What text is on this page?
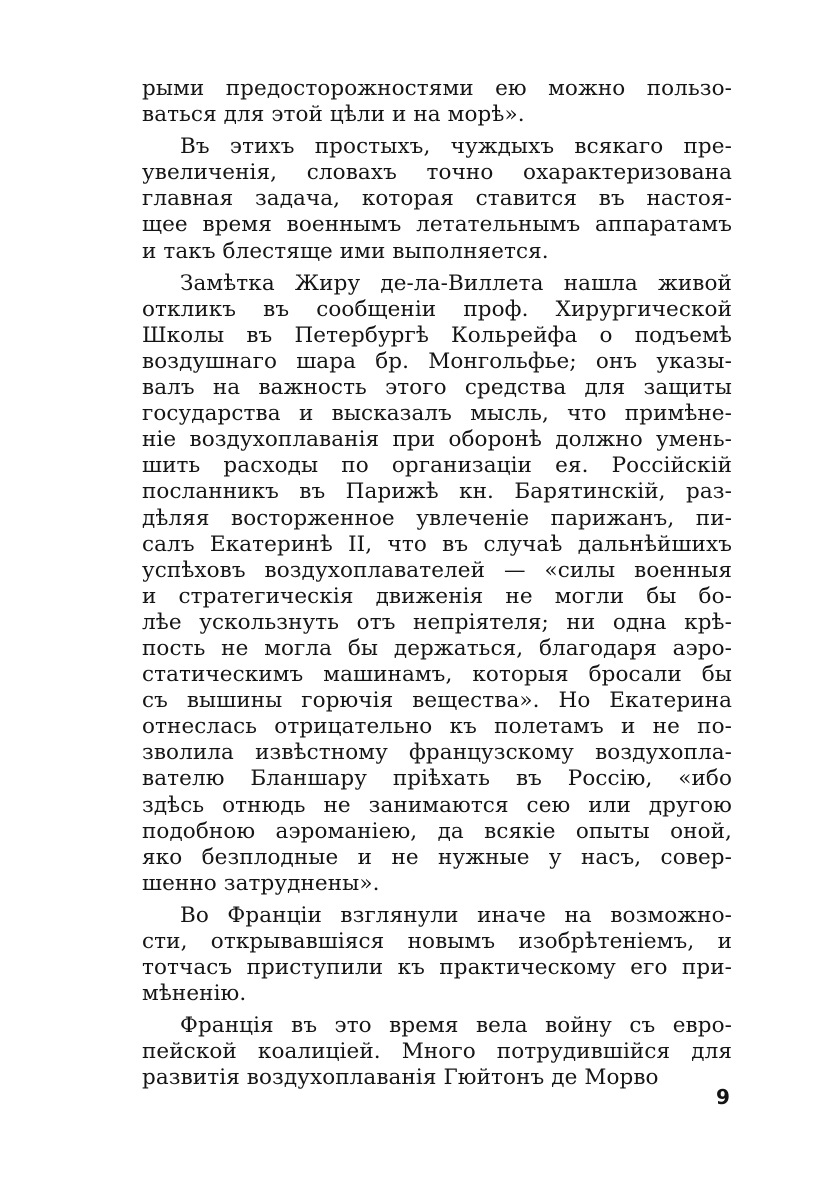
рыми предосторожностями ею можно пользо-
ваться для этой цѣли и на морѣ».
Въ этихъ простыхъ, чуждыхъ всякаго пре-
увеличенія, словахъ точно охарактеризована
главная задача, которая ставится въ настоя-
щее время военнымъ летательнымъ аппаратамъ
и такъ блестяще ими выполняется.
Замѣтка Жиру де-ла-Виллета нашла живой
откликъ въ сообщеніи проф. Хирургической
Школы въ Петербургѣ Кольрейфа о подъемѣ
воздушнаго шара бр. Монгольфье; онъ указы-
валъ на важность этого средства для защиты
государства и высказалъ мысль, что примѣне-
ніе воздухоплаванія при оборонѣ должно умень-
шить расходы по организаціи ея. Россійскій
посланникъ въ Парижѣ кн. Барятинскій, раз-
дѣляя восторженное увлеченіе парижанъ, пи-
салъ Екатеринѣ II, что въ случаѣ дальнѣйшихъ
успѣховъ воздухоплавателей — «силы военныя
и стратегическія движенія не могли бы бо-
лѣе ускользнуть отъ непріятеля; ни одна крѣ-
пость не могла бы держаться, благодаря аэро-
статическимъ машинамъ, которыя бросали бы
съ вышины горючія вещества». Но Екатерина
отнеслась отрицательно къ полетамъ и не по-
зволила извѣстному французскому воздухопла-
вателю Бланшару пріѣхать въ Россію, «ибо
здѣсь отнюдь не занимаются сею или другою
подобною аэроманіею, да всякіе опыты оной,
яко безплодные и не нужные у насъ, совер-
шенно затруднены».
Во Франціи взглянули иначе на возможно-
сти, открывавшіяся новымъ изобрѣтеніемъ, и
тотчасъ приступили къ практическому его при-
мѣненію.
Франція въ это время вела войну съ евро-
пейской коалиціей. Много потрудившійся для
развитія воздухоплаванія Гюйтонъ де Морво
9
